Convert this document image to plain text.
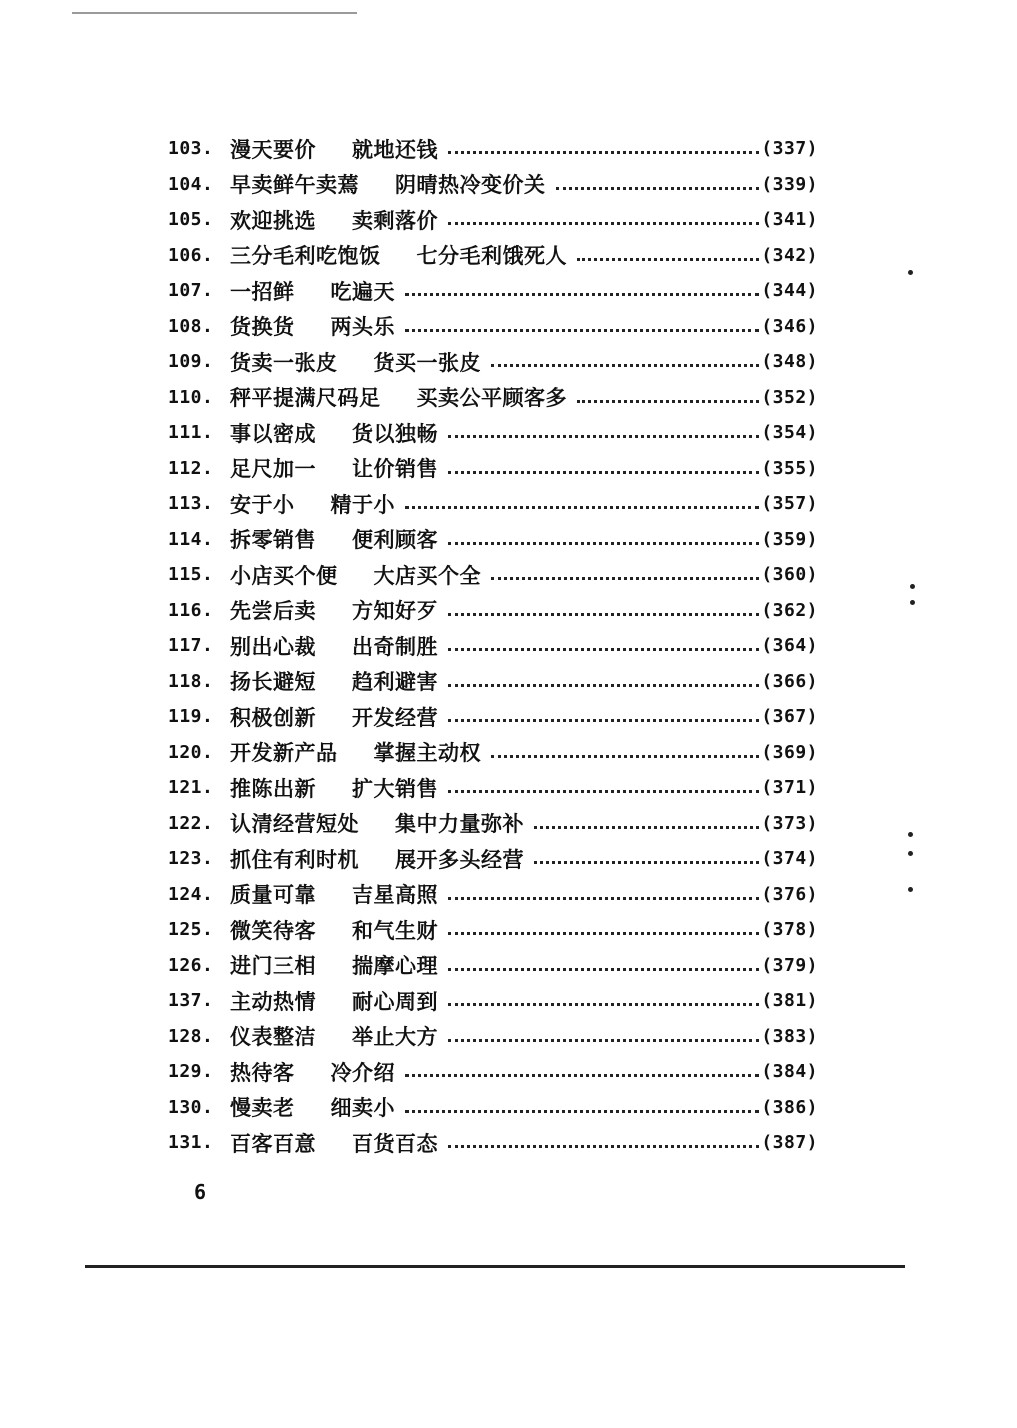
103. 漫天要价 就地还钱	(337)
104. 早卖鲜午卖蔫 阴晴热冷变价关	(339)
105. 欢迎挑选 卖剩落价	(341)
106. 三分毛利吃饱饭 七分毛利饿死人	(342)
107. 一招鲜 吃遍天	(344)
108. 货换货 两头乐	(346)
109. 货卖一张皮 货买一张皮	(348)
110. 秤平提满尺码足 买卖公平顾客多	(352)
111. 事以密成 货以独畅	(354)
112. 足尺加一 让价销售	(355)
113. 安于小 精于小	(357)
114. 拆零销售 便利顾客	(359)
115. 小店买个便 大店买个全	(360)
116. 先尝后卖 方知好歹	(362)
117. 别出心裁 出奇制胜	(364)
118. 扬长避短 趋利避害	(366)
119. 积极创新 开发经营	(367)
120. 开发新产品 掌握主动权	(369)
121. 推陈出新 扩大销售	(371)
122. 认清经营短处 集中力量弥补	(373)
123. 抓住有利时机 展开多头经营	(374)
124. 质量可靠 吉星高照	(376)
125. 微笑待客 和气生财	(378)
126. 进门三相 揣摩心理	(379)
137. 主动热情 耐心周到	(381)
128. 仪表整洁 举止大方	(383)
129. 热待客 冷介绍	(384)
130. 慢卖老 细卖小	(386)
131. 百客百意 百货百态	(387)
6
